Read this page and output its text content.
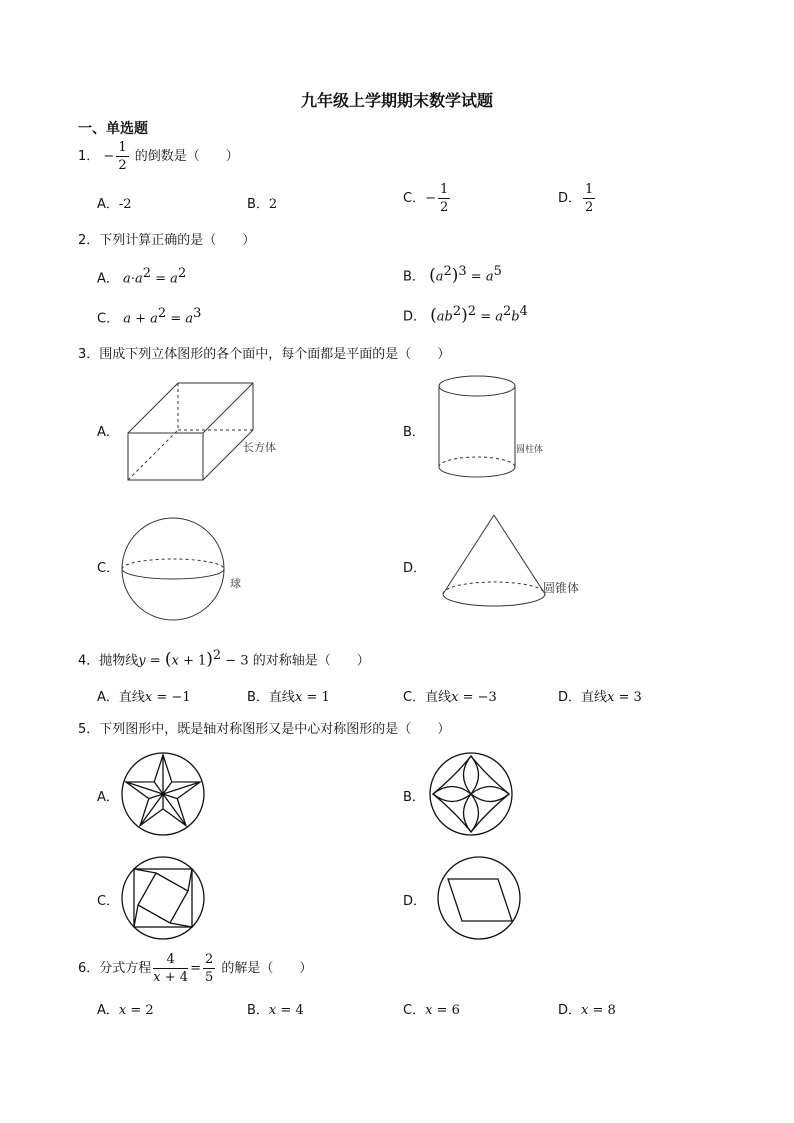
九年级上学期期末数学试题
一、单选题
1． − $\frac{1}{2}$ 的倒数是（　　）
A．-2	B．2	C．− $\frac{1}{2}$	D． $\frac{1}{2}$
2．下列计算正确的是（　　）
A． $a\cdot a^2 = a^2$	B． $(a^2)^3 = a^5$
C． $a + a^2 = a^3$	D． $(ab^2)^2 = a^2b^4$
3．围成下列立体图形的各个面中，每个面都是平面的是（　　）
A．
长方体
B．
圆柱体
C．
球
D．
圆锥体
4．抛物线$y = (x + 1)^2 - 3$ 的对称轴是（　　）
A．直线x = −1	B．直线x = 1	C．直线x = −3	D．直线x = 3
5．下列图形中，既是轴对称图形又是中心对称图形的是（　　）
A．	B．
C．	D．
6．分式方程 $\frac{4}{x + 4} = \frac{2}{5}$ 的解是（　　）
A．x = 2	B．x = 4	C．x = 6	D．x = 8
